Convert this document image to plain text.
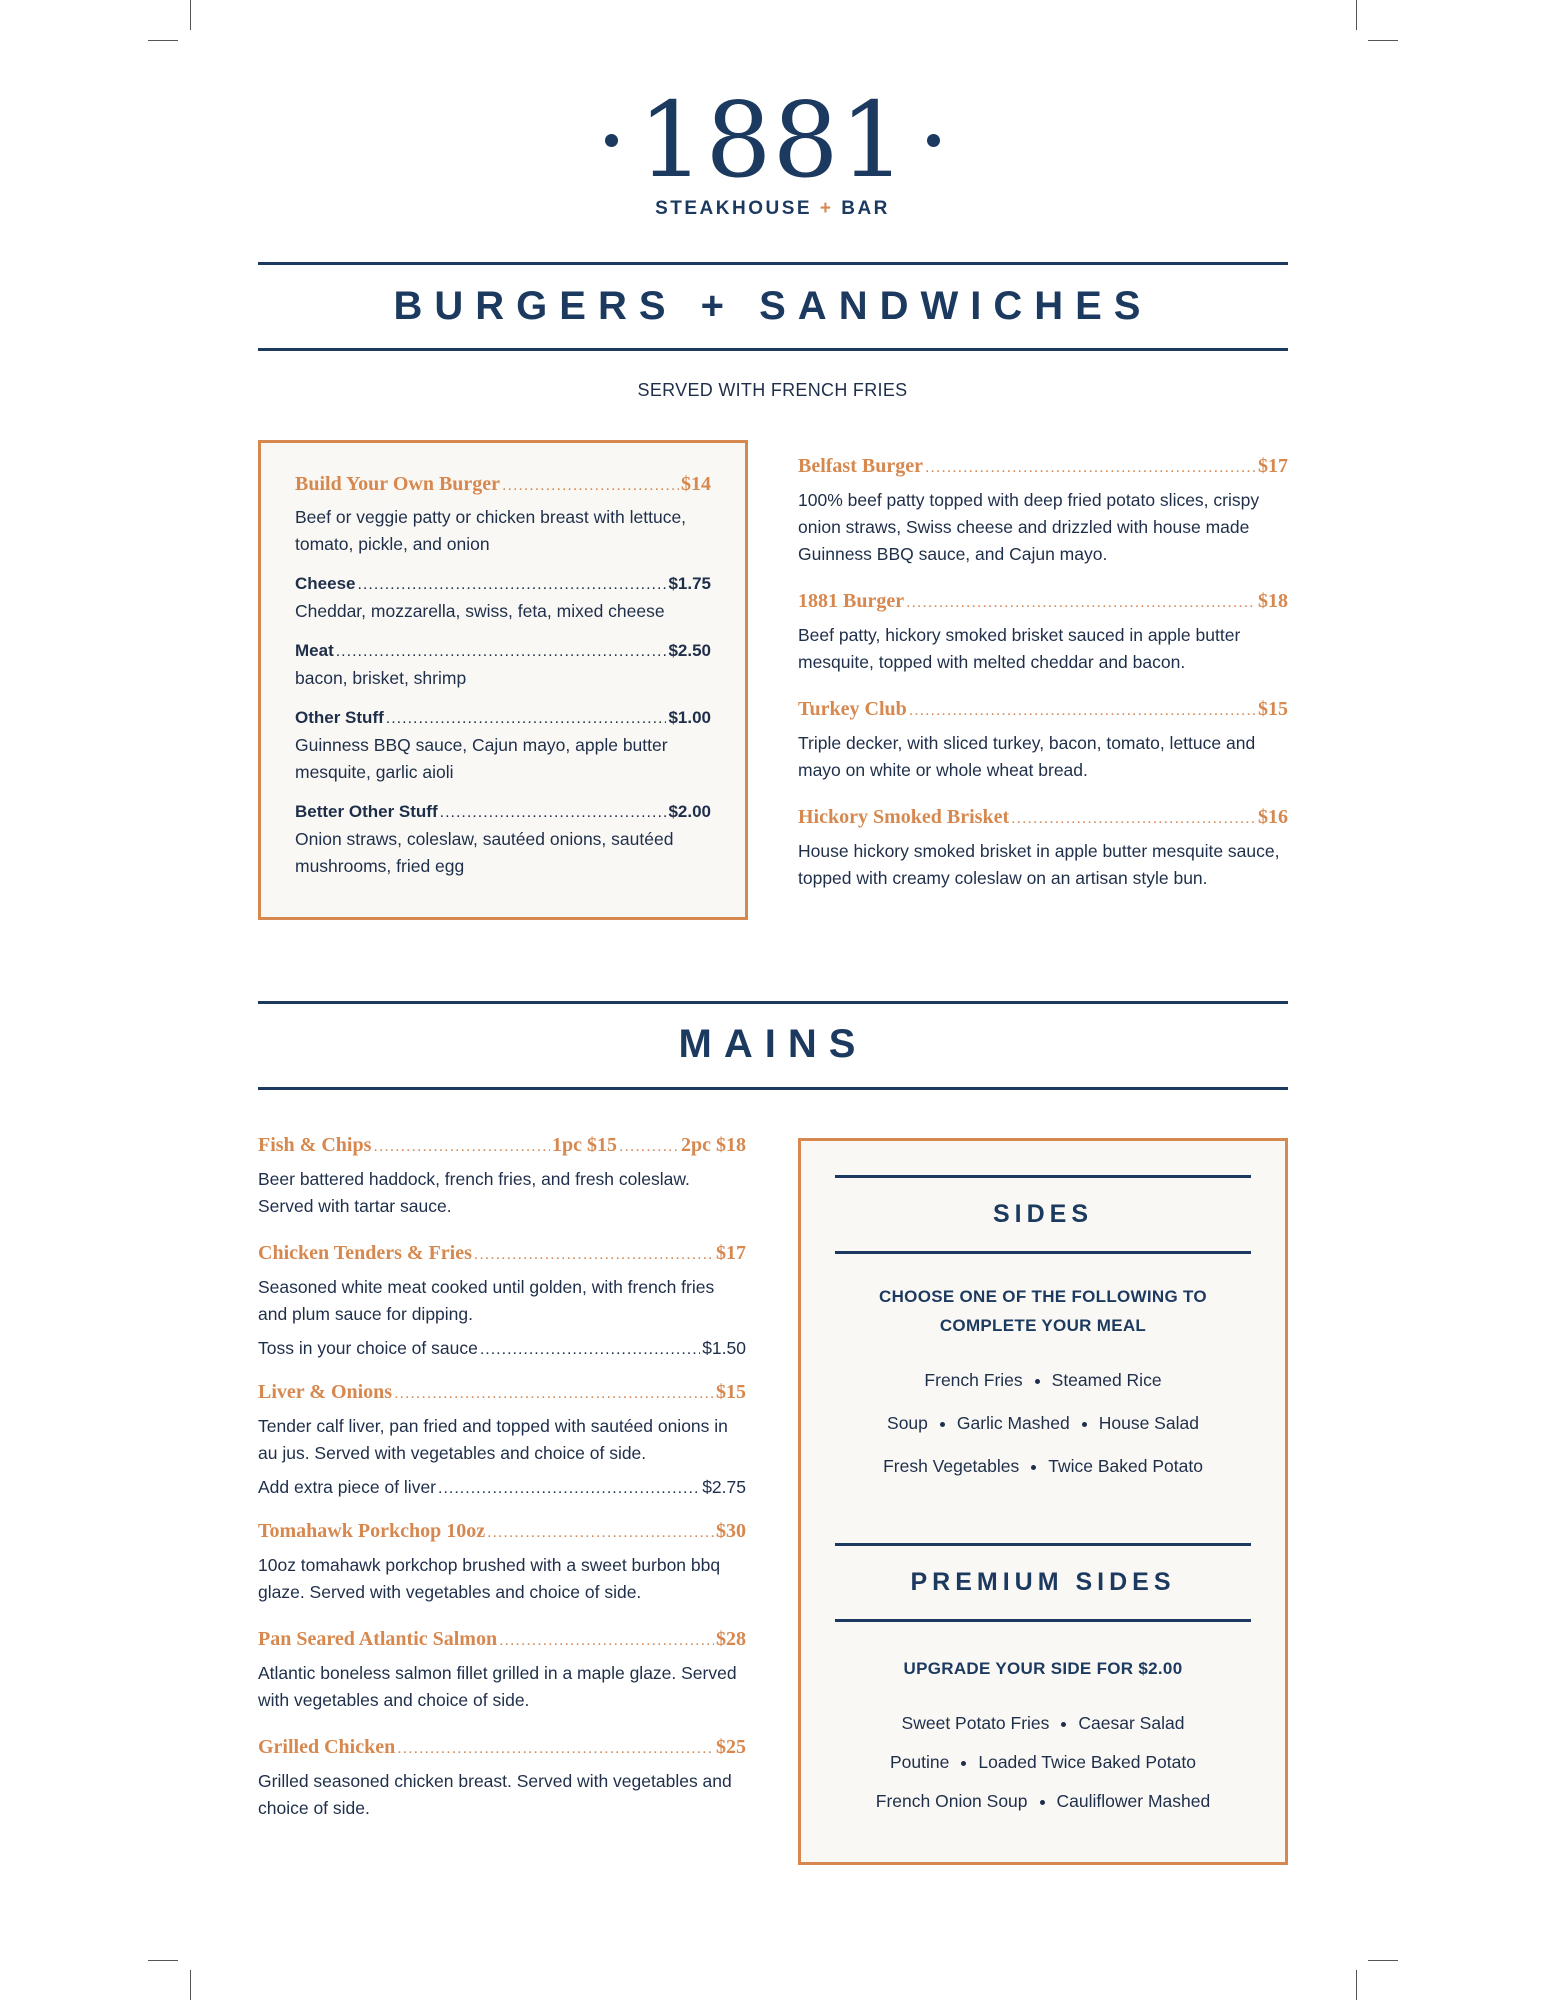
1881
STEAKHOUSE + BAR
BURGERS + SANDWICHES
SERVED WITH FRENCH FRIES
Build Your Own Burger .....	$14
Beef or veggie patty or chicken breast with lettuce, tomato, pickle, and onion
Cheese .....	$1.75
Cheddar, mozzarella, swiss, feta, mixed cheese
Meat .....	$2.50
bacon, brisket, shrimp
Other Stuff .....	$1.00
Guinness BBQ sauce, Cajun mayo, apple butter mesquite, garlic aioli
Better Other Stuff .....	$2.00
Onion straws, coleslaw, sautéed onions, sautéed mushrooms, fried egg
Belfast Burger .....	$17
100% beef patty topped with deep fried potato slices, crispy onion straws, Swiss cheese and drizzled with house made Guinness BBQ sauce, and Cajun mayo.
1881 Burger .....	$18
Beef patty, hickory smoked brisket sauced in apple butter mesquite, topped with melted cheddar and bacon.
Turkey Club .....	$15
Triple decker, with sliced turkey, bacon, tomato, lettuce and mayo on white or whole wheat bread.
Hickory Smoked Brisket .....	$16
House hickory smoked brisket in apple butter mesquite sauce, topped with creamy coleslaw on an artisan style bun.
MAINS
Fish & Chips .....	1pc $15 .....	2pc $18
Beer battered haddock, french fries, and fresh coleslaw. Served with tartar sauce.
Chicken Tenders & Fries .....	$17
Seasoned white meat cooked until golden, with french fries and plum sauce for dipping.
Toss in your choice of sauce .....	$1.50
Liver & Onions .....	$15
Tender calf liver, pan fried and topped with sautéed onions in au jus. Served with vegetables and choice of side.
Add extra piece of liver .....	$2.75
Tomahawk Porkchop 10oz .....	$30
10oz tomahawk porkchop brushed with a sweet burbon bbq glaze. Served with vegetables and choice of side.
Pan Seared Atlantic Salmon .....	$28
Atlantic boneless salmon fillet grilled in a maple glaze. Served with vegetables and choice of side.
Grilled Chicken .....	$25
Grilled seasoned chicken breast. Served with vegetables and choice of side.
SIDES
CHOOSE ONE OF THE FOLLOWING TO
COMPLETE YOUR MEAL
French Fries Steamed Rice
Soup Garlic Mashed House Salad
Fresh Vegetables Twice Baked Potato
PREMIUM SIDES
UPGRADE YOUR SIDE FOR $2.00
Sweet Potato Fries Caesar Salad
Poutine Loaded Twice Baked Potato
French Onion Soup Cauliflower Mashed
